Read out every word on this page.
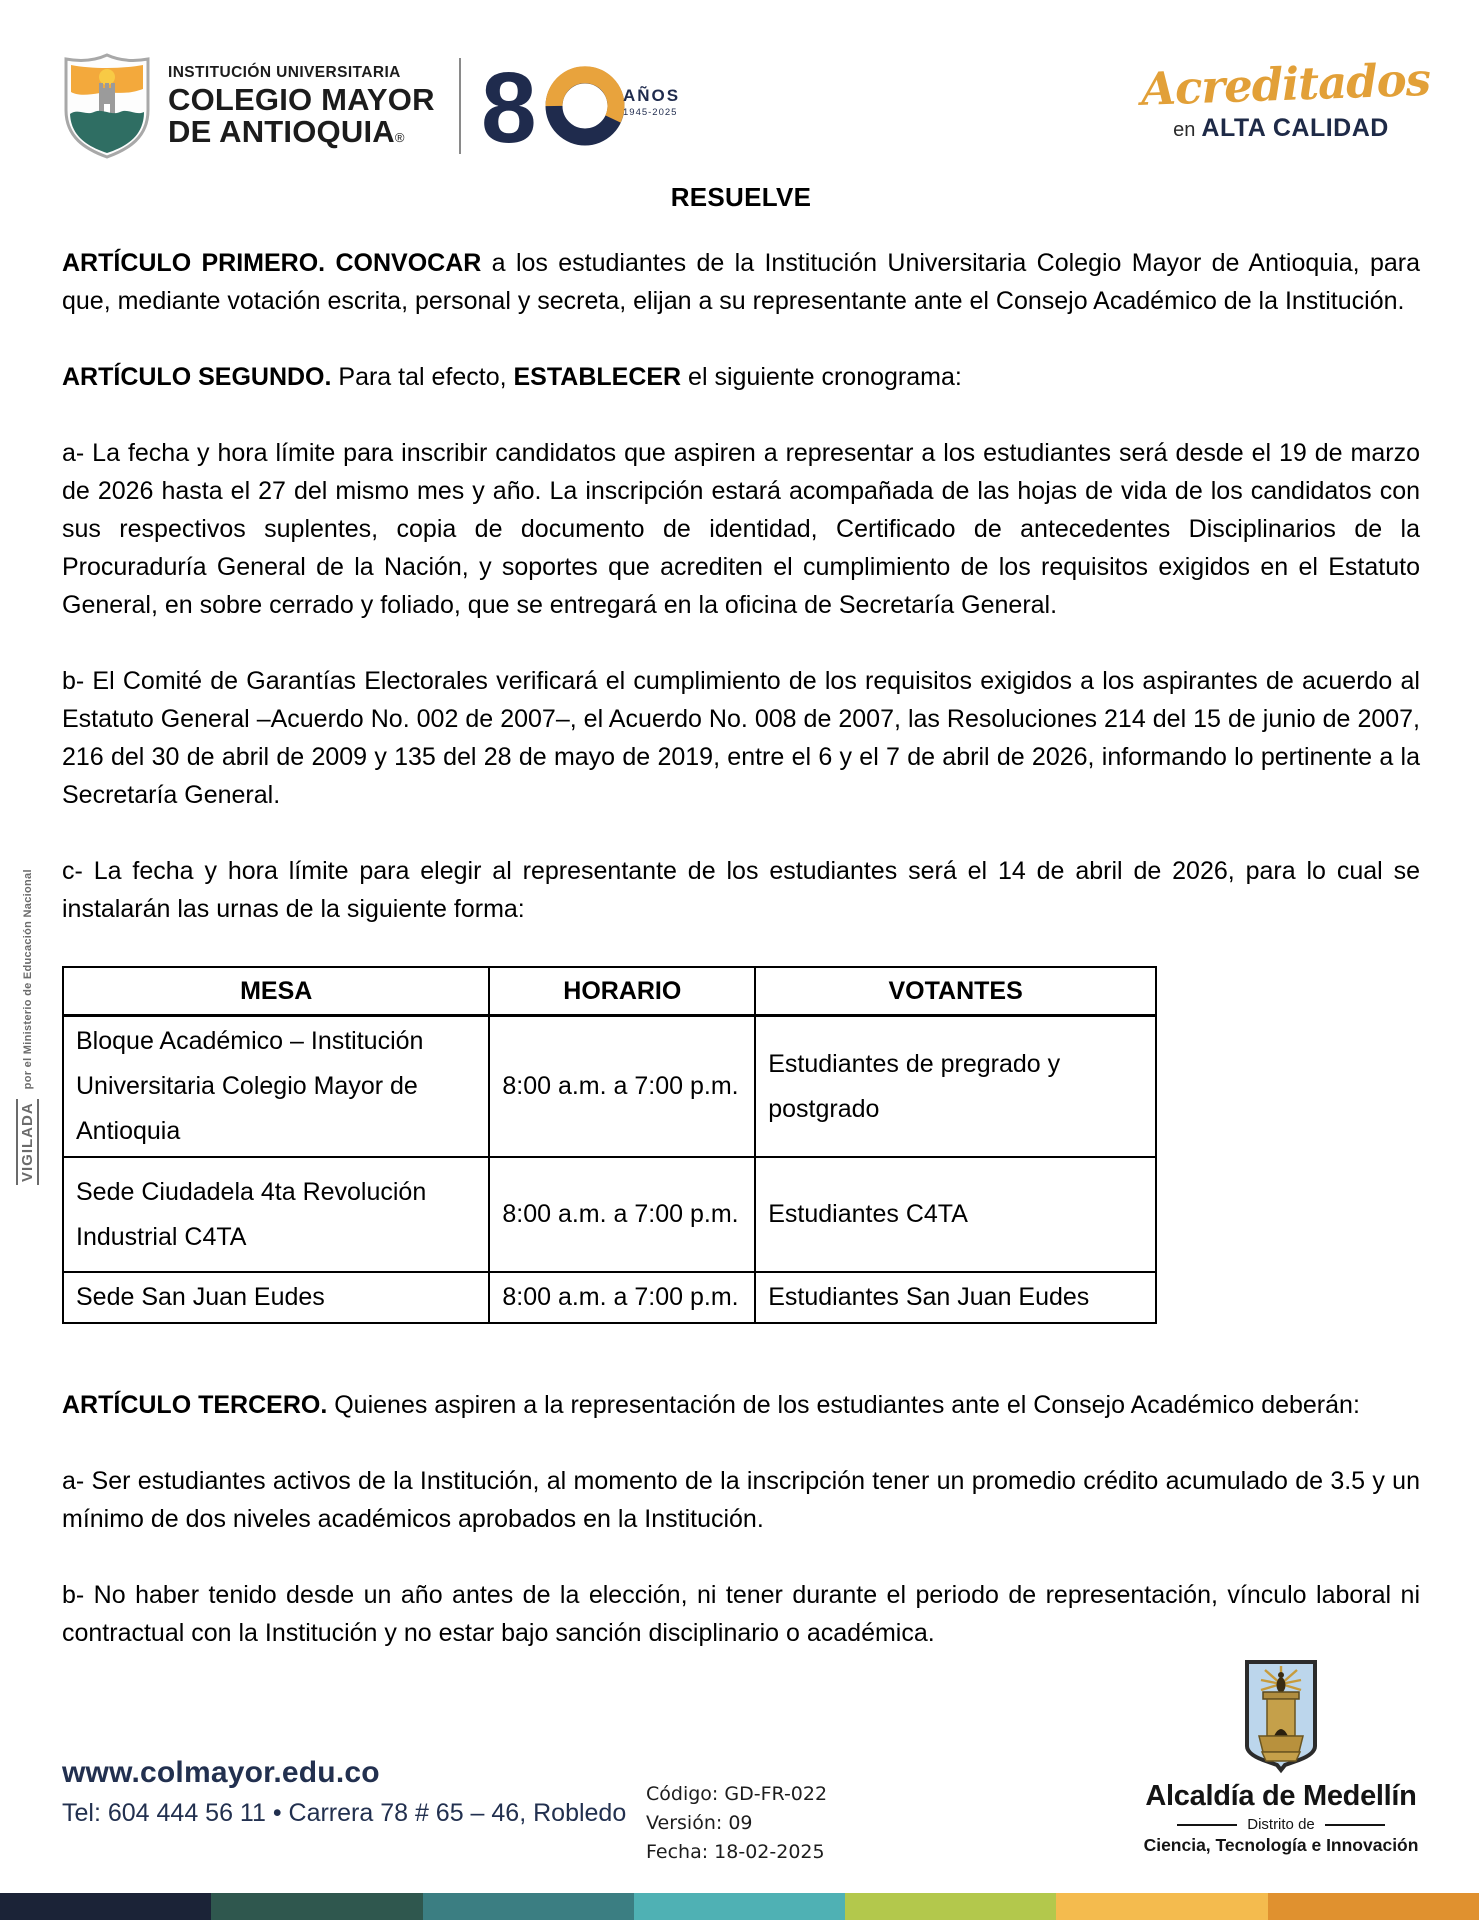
INSTITUCIÓN UNIVERSITARIA
COLEGIO MAYOR
DE ANTIOQUIA® 8	AÑOS
1945-2025	Acreditados
en ALTA CALIDAD
VIGILADA
por el Ministerio de Educación Nacional
RESUELVE

ARTÍCULO PRIMERO. CONVOCAR a los estudiantes de la Institución Universitaria Colegio Mayor de Antioquia, para que, mediante votación escrita, personal y secreta, elijan a su representante ante el Consejo Académico de la Institución.

ARTÍCULO SEGUNDO. Para tal efecto, ESTABLECER el siguiente cronograma:

a- La fecha y hora límite para inscribir candidatos que aspiren a representar a los estudiantes será desde el 19 de marzo de 2026 hasta el 27 del mismo mes y año. La inscripción estará acompañada de las hojas de vida de los candidatos con sus respectivos suplentes, copia de documento de identidad, Certificado de antecedentes Disciplinarios de la Procuraduría General de la Nación, y soportes que acrediten el cumplimiento de los requisitos exigidos en el Estatuto General, en sobre cerrado y foliado, que se entregará en la oficina de Secretaría General.

b- El Comité de Garantías Electorales verificará el cumplimiento de los requisitos exigidos a los aspirantes de acuerdo al Estatuto General –Acuerdo No. 002 de 2007–, el Acuerdo No. 008 de 2007, las Resoluciones 214 del 15 de junio de 2007, 216 del 30 de abril de 2009 y 135 del 28 de mayo de 2019, entre el 6 y el 7 de abril de 2026, informando lo pertinente a la Secretaría General.

c- La fecha y hora límite para elegir al representante de los estudiantes será el 14 de abril de 2026, para lo cual se instalarán las urnas de la siguiente forma:

MESA	HORARIO	VOTANTES
Bloque Académico – Institución Universitaria Colegio Mayor de Antioquia	8:00 a.m. a 7:00 p.m.	Estudiantes de pregrado y postgrado
Sede Ciudadela 4ta Revolución Industrial C4TA	8:00 a.m. a 7:00 p.m.	Estudiantes C4TA
Sede San Juan Eudes	8:00 a.m. a 7:00 p.m.	Estudiantes San Juan Eudes

ARTÍCULO TERCERO. Quienes aspiren a la representación de los estudiantes ante el Consejo Académico deberán:

a- Ser estudiantes activos de la Institución, al momento de la inscripción tener un promedio crédito acumulado de 3.5 y un mínimo de dos niveles académicos aprobados en la Institución.

b- No haber tenido desde un año antes de la elección, ni tener durante el periodo de representación, vínculo laboral ni contractual con la Institución y no estar bajo sanción disciplinario o académica.

www.colmayor.edu.co
Tel: 604 444 56 11 • Carrera 78 # 65 – 46, Robledo
Código: GD-FR-022
Versión: 09
Fecha: 18-02-2025
Alcaldía de Medellín
Distrito de
Ciencia, Tecnología e Innovación
